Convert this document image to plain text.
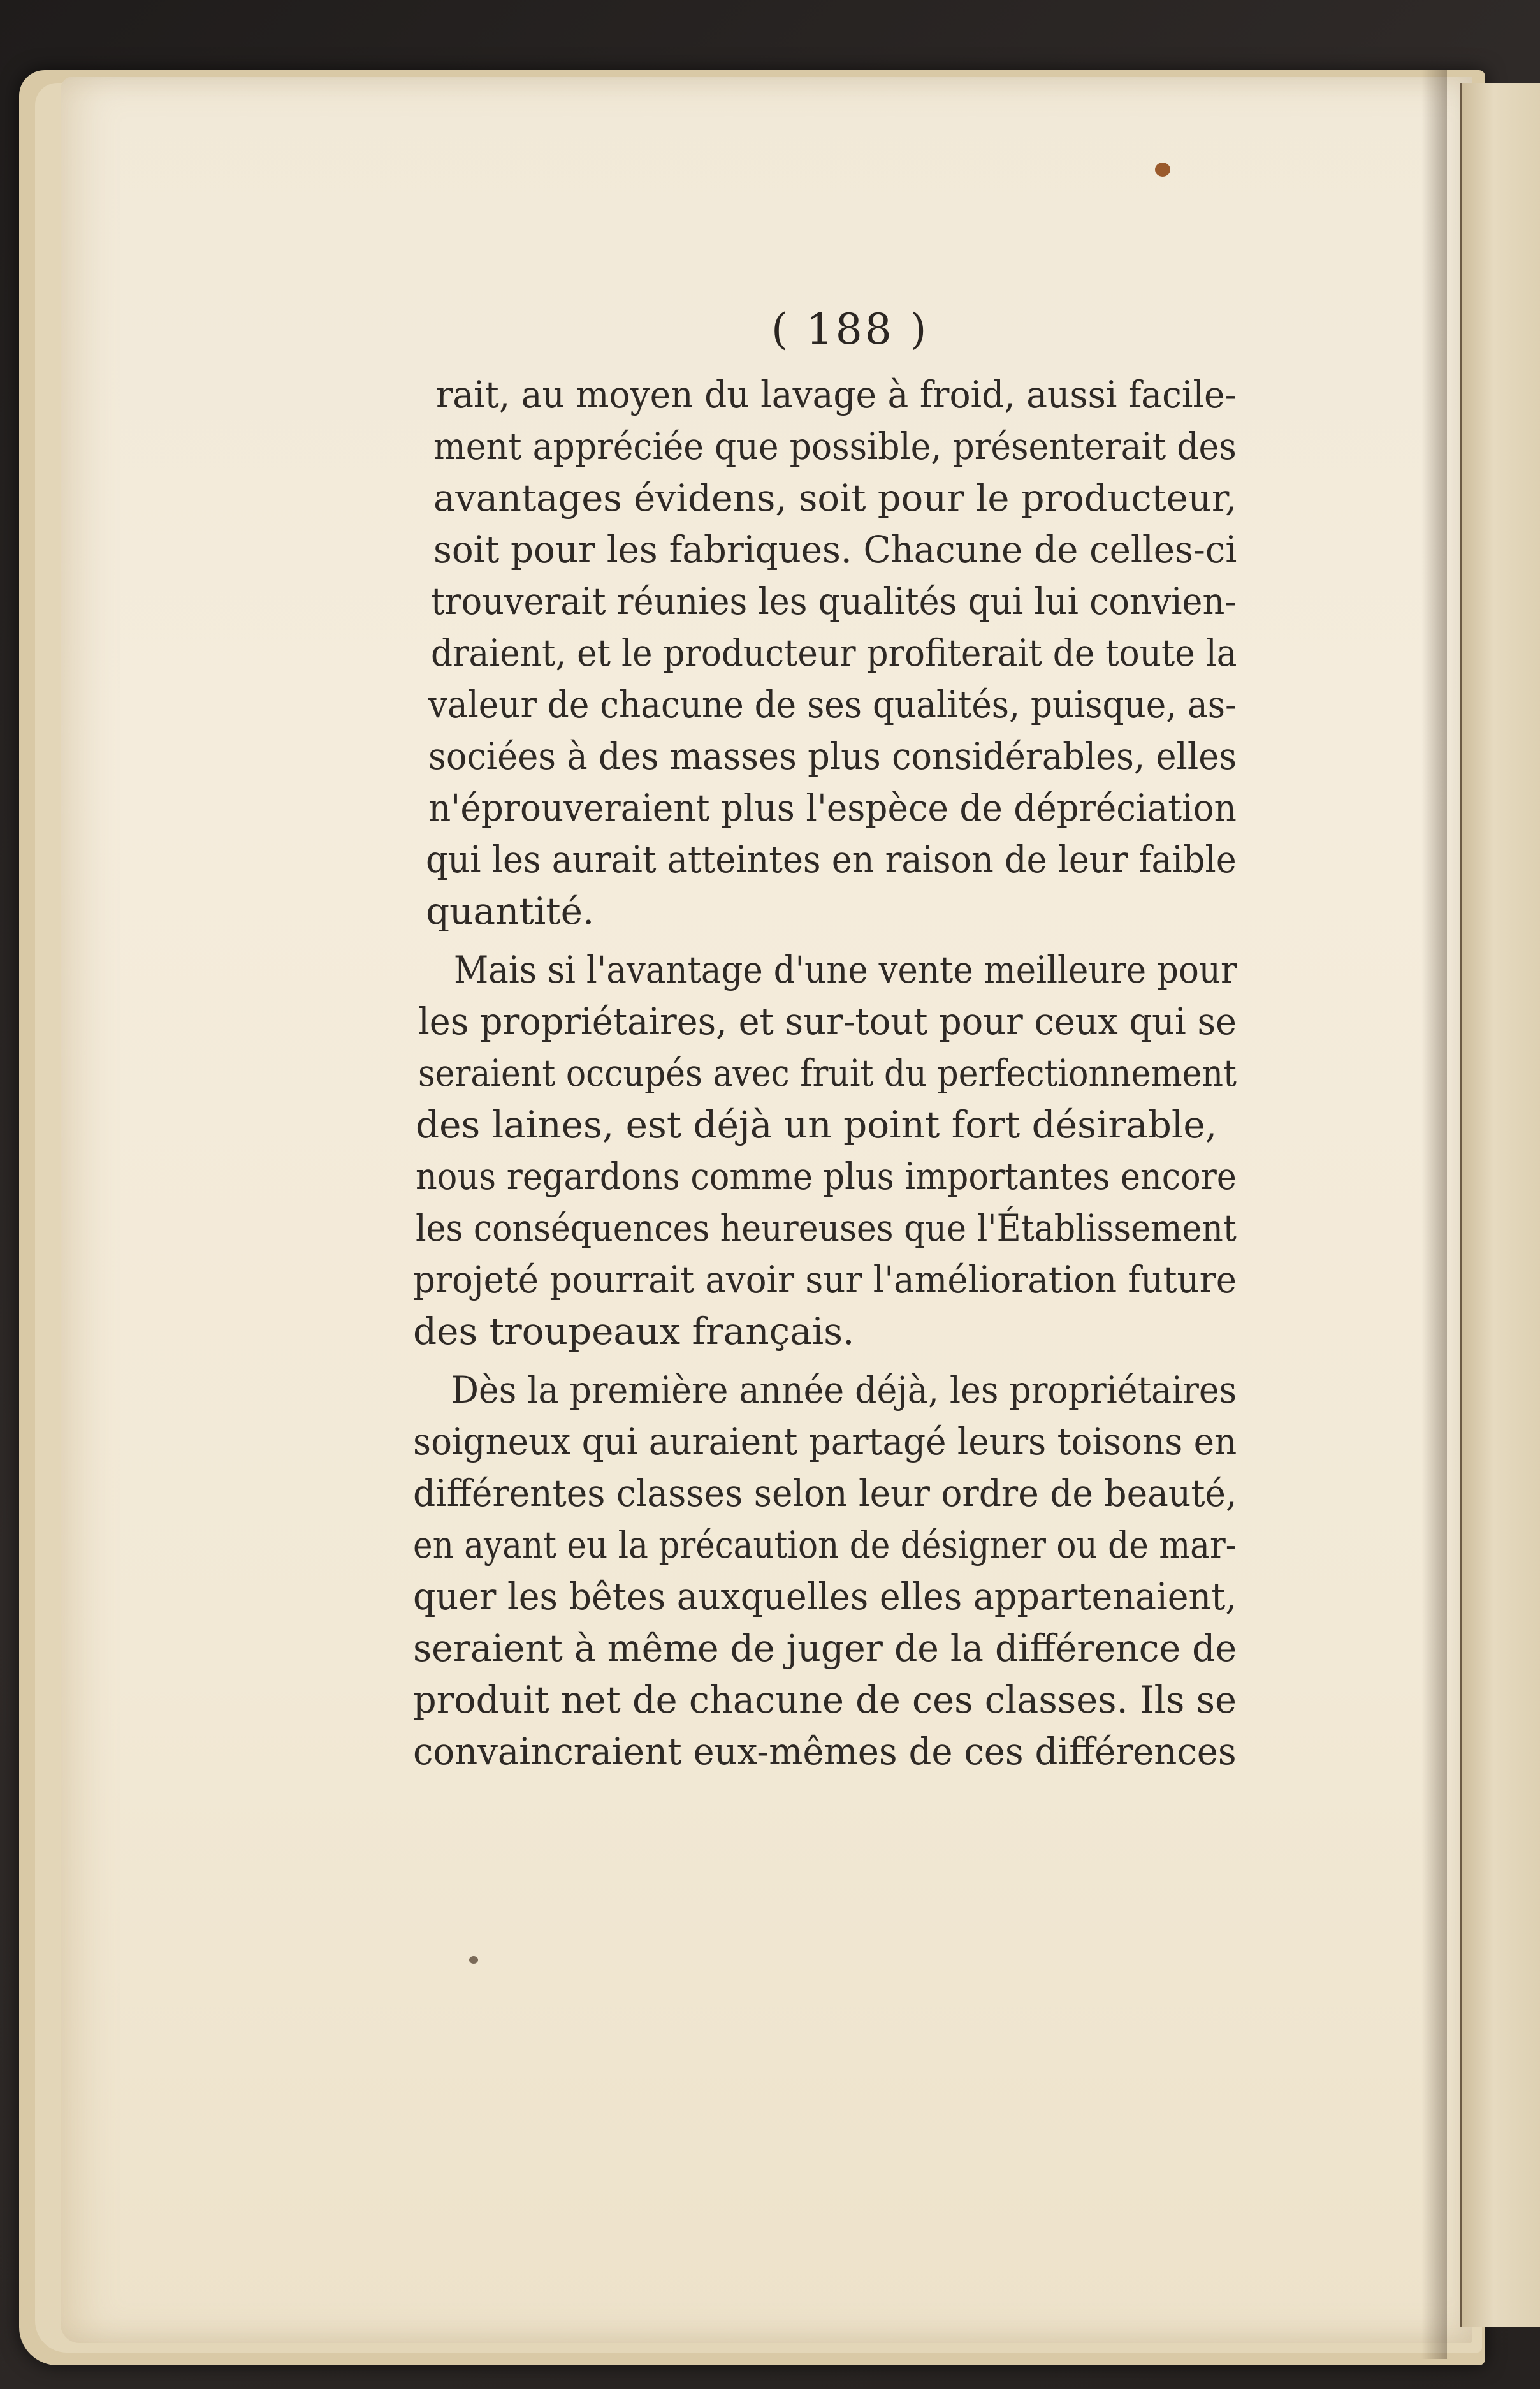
( 188 )
rait, au moyen du lavage à froid, aussi facile-
ment appréciée que possible, présenterait des
avantages évidens, soit pour le producteur,
soit pour les fabriques. Chacune de celles-ci
trouverait réunies les qualités qui lui convien-
draient, et le producteur profiterait de toute la
valeur de chacune de ses qualités, puisque, as-
sociées à des masses plus considérables, elles
n'éprouveraient plus l'espèce de dépréciation
qui les aurait atteintes en raison de leur faible
quantité.
Mais si l'avantage d'une vente meilleure pour
les propriétaires, et sur-tout pour ceux qui se
seraient occupés avec fruit du perfectionnement
des laines, est déjà un point fort désirable,
nous regardons comme plus importantes encore
les conséquences heureuses que l'Établissement
projeté pourrait avoir sur l'amélioration future
des troupeaux français.
Dès la première année déjà, les propriétaires
soigneux qui auraient partagé leurs toisons en
différentes classes selon leur ordre de beauté,
en ayant eu la précaution de désigner ou de mar-
quer les bêtes auxquelles elles appartenaient,
seraient à même de juger de la différence de
produit net de chacune de ces classes. Ils se
convaincraient eux-mêmes de ces différences
